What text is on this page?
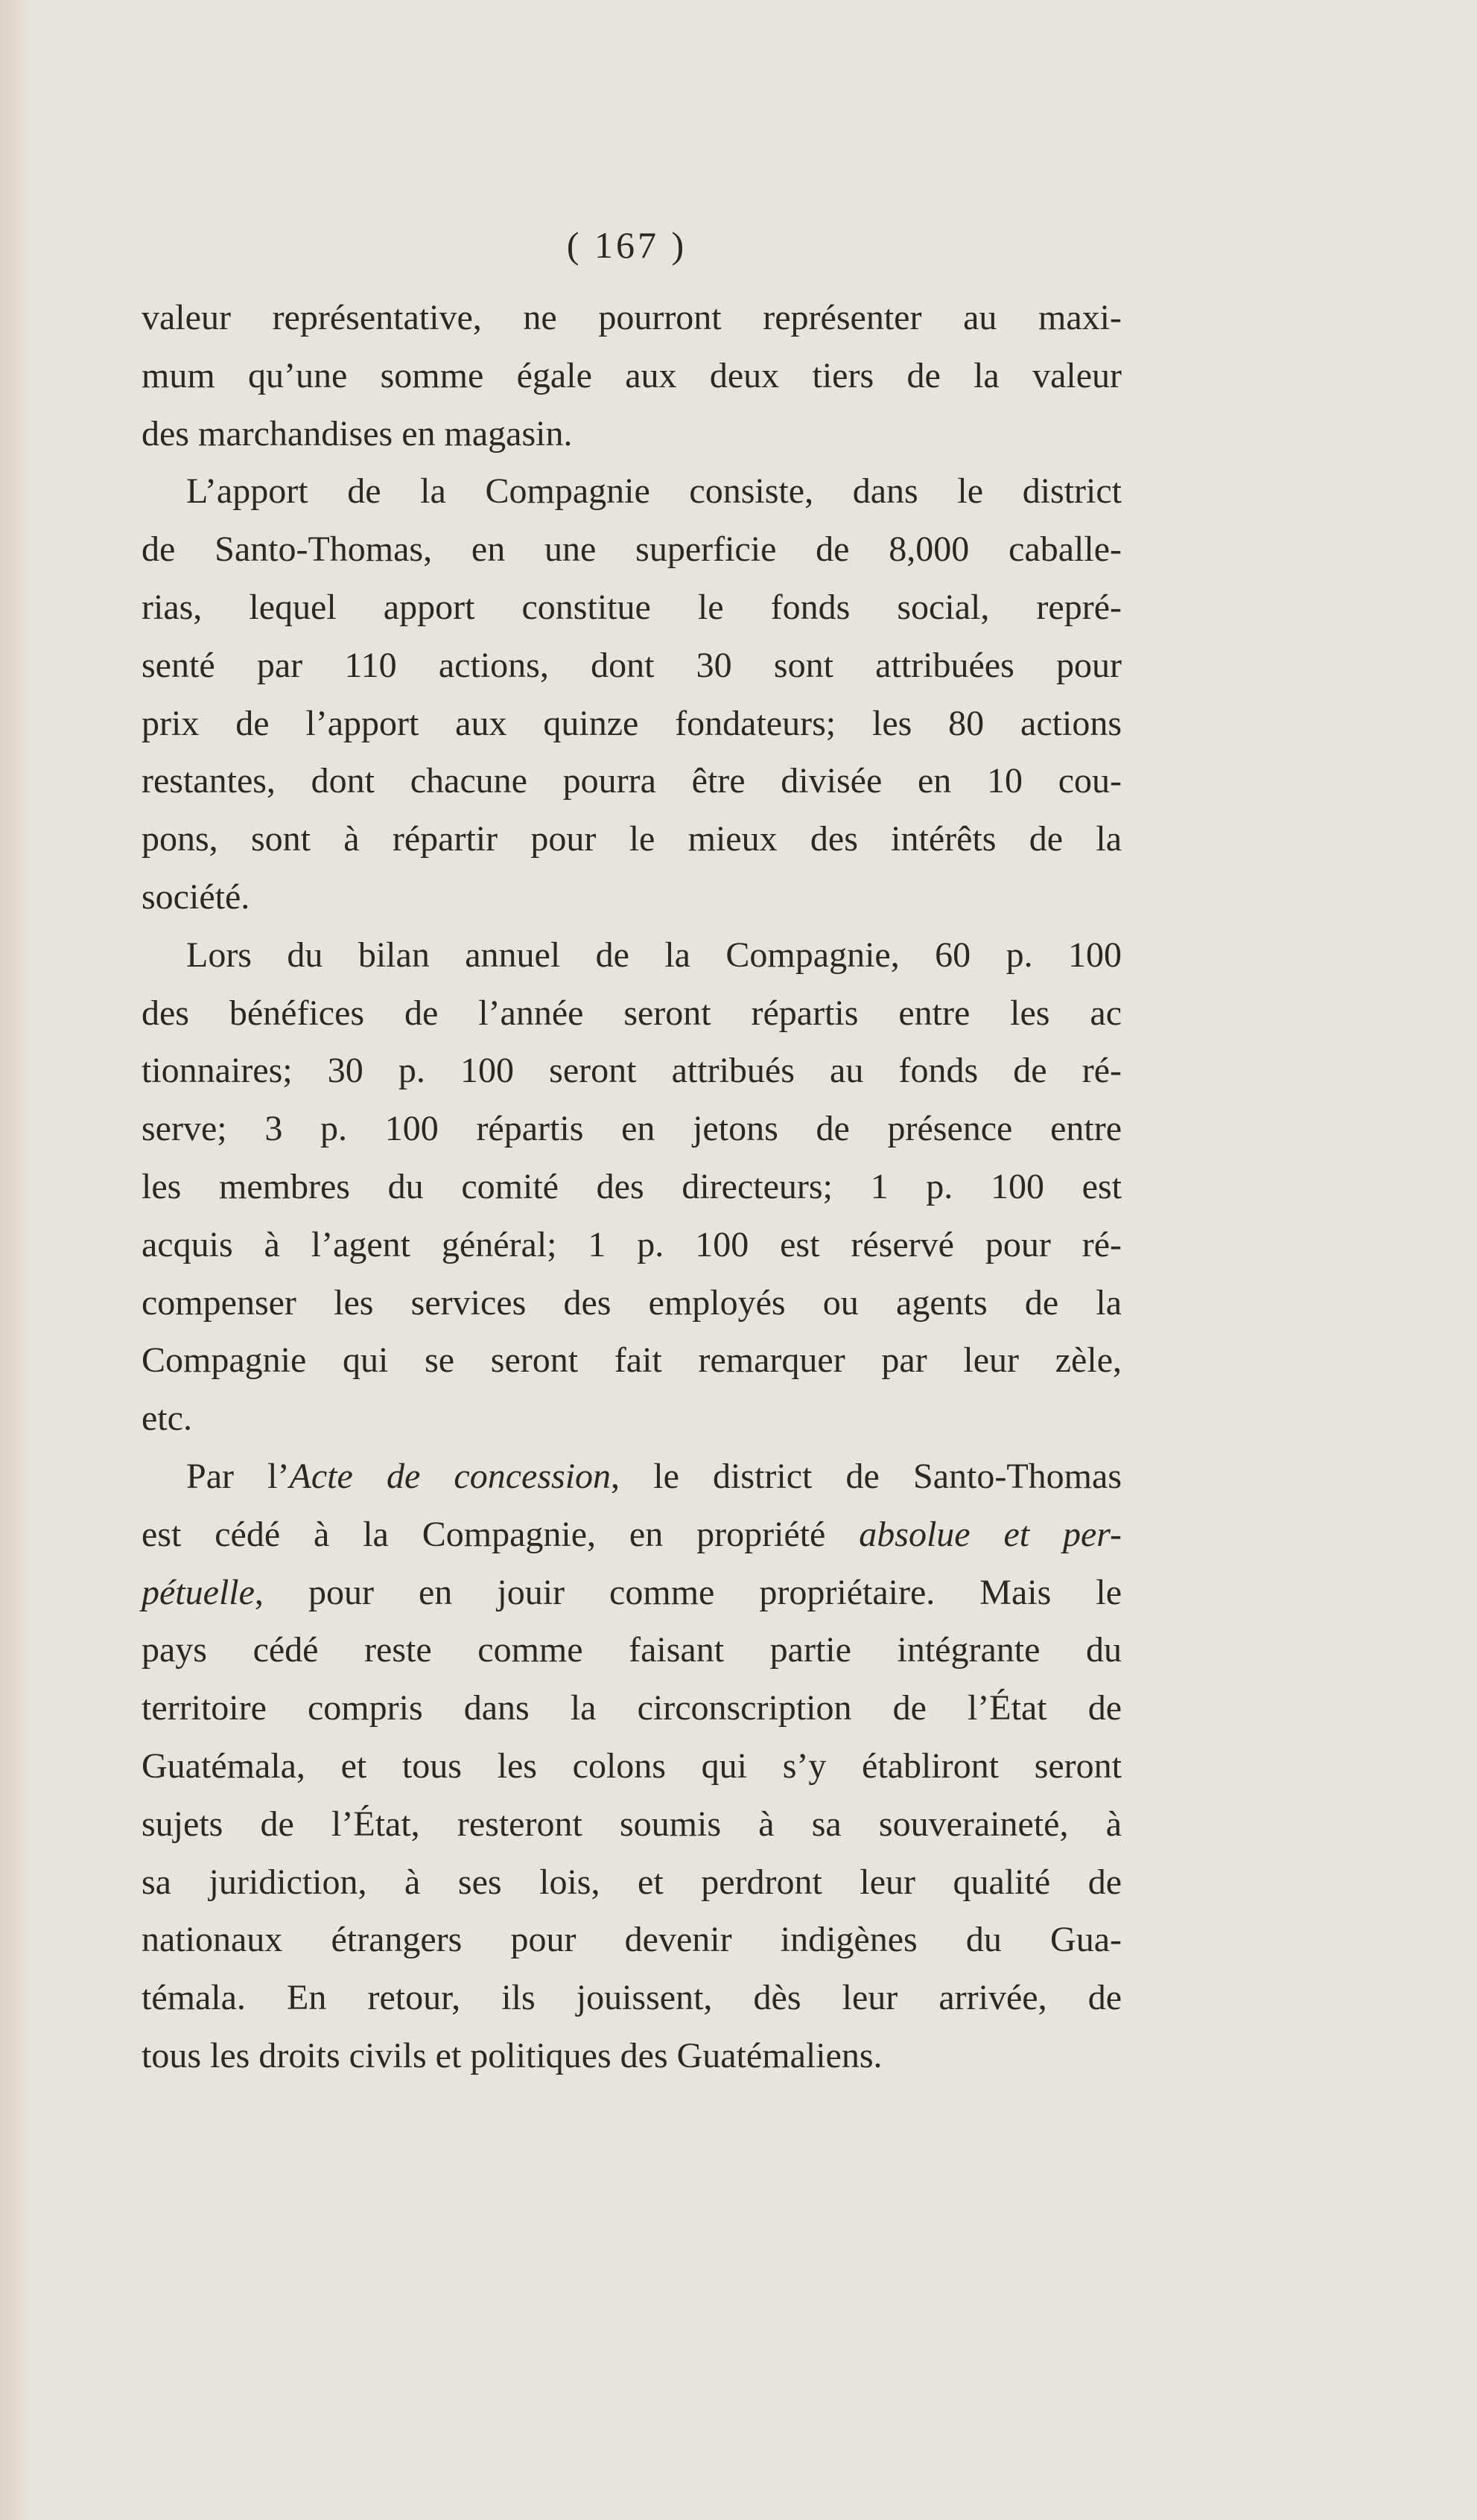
( 167 )
valeur représentative, ne pourront représenter au maxi-
mum qu’une somme égale aux deux tiers de la valeur
des marchandises en magasin.
L’apport de la Compagnie consiste, dans le district
de Santo-Thomas, en une superficie de 8,000 caballe-
rias, lequel apport constitue le fonds social, repré-
senté par 110 actions, dont 30 sont attribuées pour
prix de l’apport aux quinze fondateurs; les 80 actions
restantes, dont chacune pourra être divisée en 10 cou-
pons, sont à répartir pour le mieux des intérêts de la
société.
Lors du bilan annuel de la Compagnie, 60 p. 100
des bénéfices de l’année seront répartis entre les ac
tionnaires; 30 p. 100 seront attribués au fonds de ré-
serve; 3 p. 100 répartis en jetons de présence entre
les membres du comité des directeurs; 1 p. 100 est
acquis à l’agent général; 1 p. 100 est réservé pour ré-
compenser les services des employés ou agents de la
Compagnie qui se seront fait remarquer par leur zèle,
etc.
Par l’Acte de concession, le district de Santo-Thomas
est cédé à la Compagnie, en propriété absolue et per-
pétuelle, pour en jouir comme propriétaire. Mais le
pays cédé reste comme faisant partie intégrante du
territoire compris dans la circonscription de l’État de
Guatémala, et tous les colons qui s’y établiront seront
sujets de l’État, resteront soumis à sa souveraineté, à
sa juridiction, à ses lois, et perdront leur qualité de
nationaux étrangers pour devenir indigènes du Gua-
témala. En retour, ils jouissent, dès leur arrivée, de
tous les droits civils et politiques des Guatémaliens.
